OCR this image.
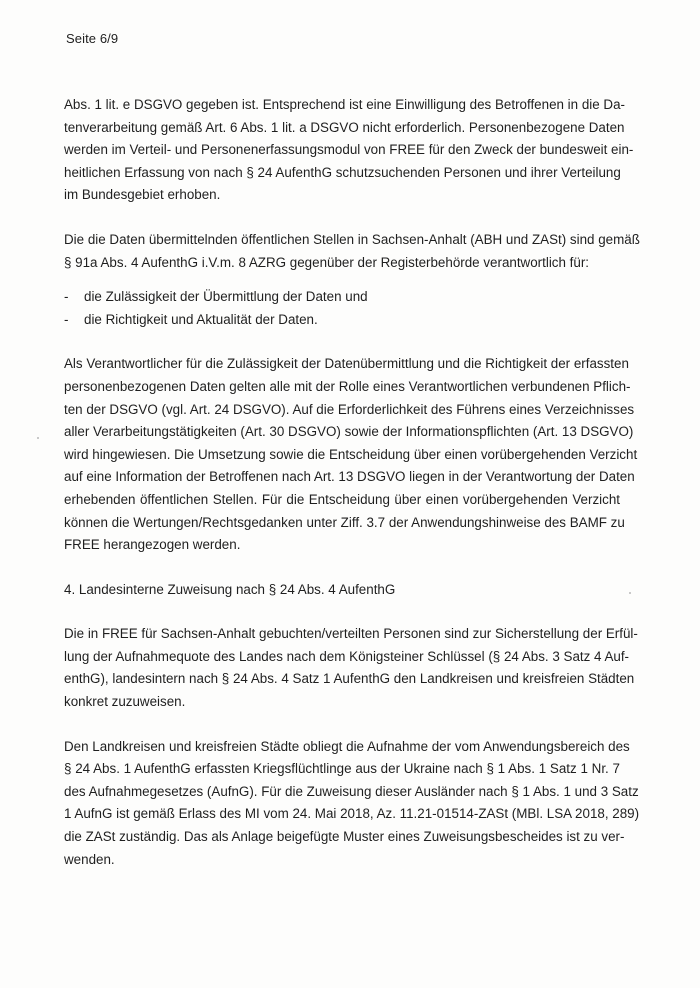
Seite 6/9
Abs. 1 lit. e DSGVO gegeben ist. Entsprechend ist eine Einwilligung des Betroffenen in die Da-
tenverarbeitung gemäß Art. 6 Abs. 1 lit. a DSGVO nicht erforderlich. Personenbezogene Daten
werden im Verteil- und Personenerfassungsmodul von FREE für den Zweck der bundesweit ein-
heitlichen Erfassung von nach § 24 AufenthG schutzsuchenden Personen und ihrer Verteilung
im Bundesgebiet erhoben.
Die die Daten übermittelnden öffentlichen Stellen in Sachsen-Anhalt (ABH und ZASt) sind gemäß
§ 91a Abs. 4 AufenthG i.V.m. 8 AZRG gegenüber der Registerbehörde verantwortlich für:
- die Zulässigkeit der Übermittlung der Daten und
- die Richtigkeit und Aktualität der Daten.
Als Verantwortlicher für die Zulässigkeit der Datenübermittlung und die Richtigkeit der erfassten
personenbezogenen Daten gelten alle mit der Rolle eines Verantwortlichen verbundenen Pflich-
ten der DSGVO (vgl. Art. 24 DSGVO). Auf die Erforderlichkeit des Führens eines Verzeichnisses
aller Verarbeitungstätigkeiten (Art. 30 DSGVO) sowie der Informationspflichten (Art. 13 DSGVO)
wird hingewiesen. Die Umsetzung sowie die Entscheidung über einen vorübergehenden Verzicht
auf eine Information der Betroffenen nach Art. 13 DSGVO liegen in der Verantwortung der Daten
erhebenden öffentlichen Stellen. Für die Entscheidung über einen vorübergehenden Verzicht
können die Wertungen/Rechtsgedanken unter Ziff. 3.7 der Anwendungshinweise des BAMF zu
FREE herangezogen werden.
4. Landesinterne Zuweisung nach § 24 Abs. 4 AufenthG
Die in FREE für Sachsen-Anhalt gebuchten/verteilten Personen sind zur Sicherstellung der Erfül-
lung der Aufnahmequote des Landes nach dem Königsteiner Schlüssel (§ 24 Abs. 3 Satz 4 Auf-
enthG), landesintern nach § 24 Abs. 4 Satz 1 AufenthG den Landkreisen und kreisfreien Städten
konkret zuzuweisen.
Den Landkreisen und kreisfreien Städte obliegt die Aufnahme der vom Anwendungsbereich des
§ 24 Abs. 1 AufenthG erfassten Kriegsflüchtlinge aus der Ukraine nach § 1 Abs. 1 Satz 1 Nr. 7
des Aufnahmegesetzes (AufnG). Für die Zuweisung dieser Ausländer nach § 1 Abs. 1 und 3 Satz
1 AufnG ist gemäß Erlass des MI vom 24. Mai 2018, Az. 11.21-01514-ZASt (MBl. LSA 2018, 289)
die ZASt zuständig. Das als Anlage beigefügte Muster eines Zuweisungsbescheides ist zu ver-
wenden.
